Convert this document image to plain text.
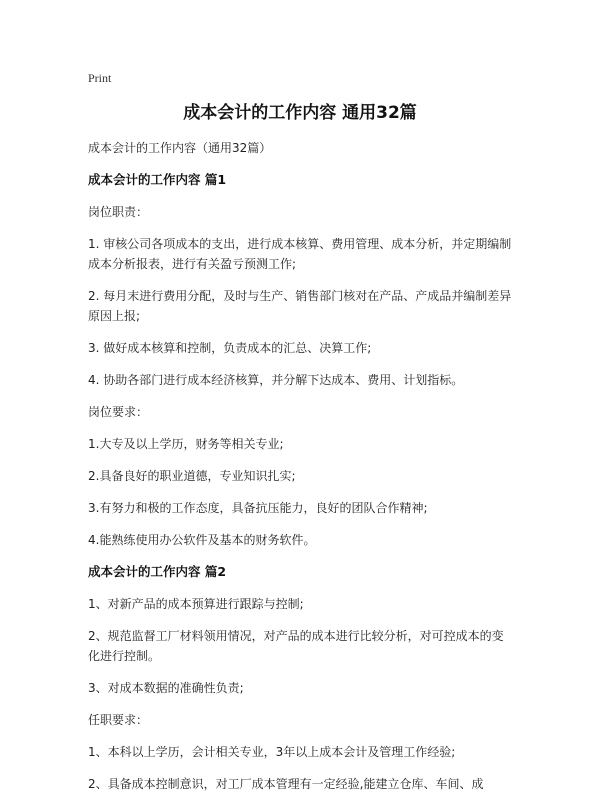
Print
成本会计的工作内容 通用32篇
成本会计的工作内容（通用32篇）
成本会计的工作内容 篇1
岗位职责：
1. 审核公司各项成本的支出，进行成本核算、费用管理、成本分析，并定期编制成本分析报表，进行有关盈亏预测工作;
2. 每月末进行费用分配，及时与生产、销售部门核对在产品、产成品并编制差异原因上报;
3. 做好成本核算和控制，负责成本的汇总、决算工作;
4. 协助各部门进行成本经济核算，并分解下达成本、费用、计划指标。
岗位要求：
1.大专及以上学历，财务等相关专业;
2.具备良好的职业道德，专业知识扎实;
3.有努力和极的工作态度，具备抗压能力，良好的团队合作精神;
4.能熟练使用办公软件及基本的财务软件。
成本会计的工作内容 篇2
1、对新产品的成本预算进行跟踪与控制;
2、规范监督工厂材料领用情况，对产品的成本进行比较分析，对可控成本的变化进行控制。
3、对成本数据的准确性负责;
任职要求：
1、本科以上学历，会计相关专业，3年以上成本会计及管理工作经验;
2、具备成本控制意识，对工厂成本管理有一定经验,能建立仓库、车间、成
